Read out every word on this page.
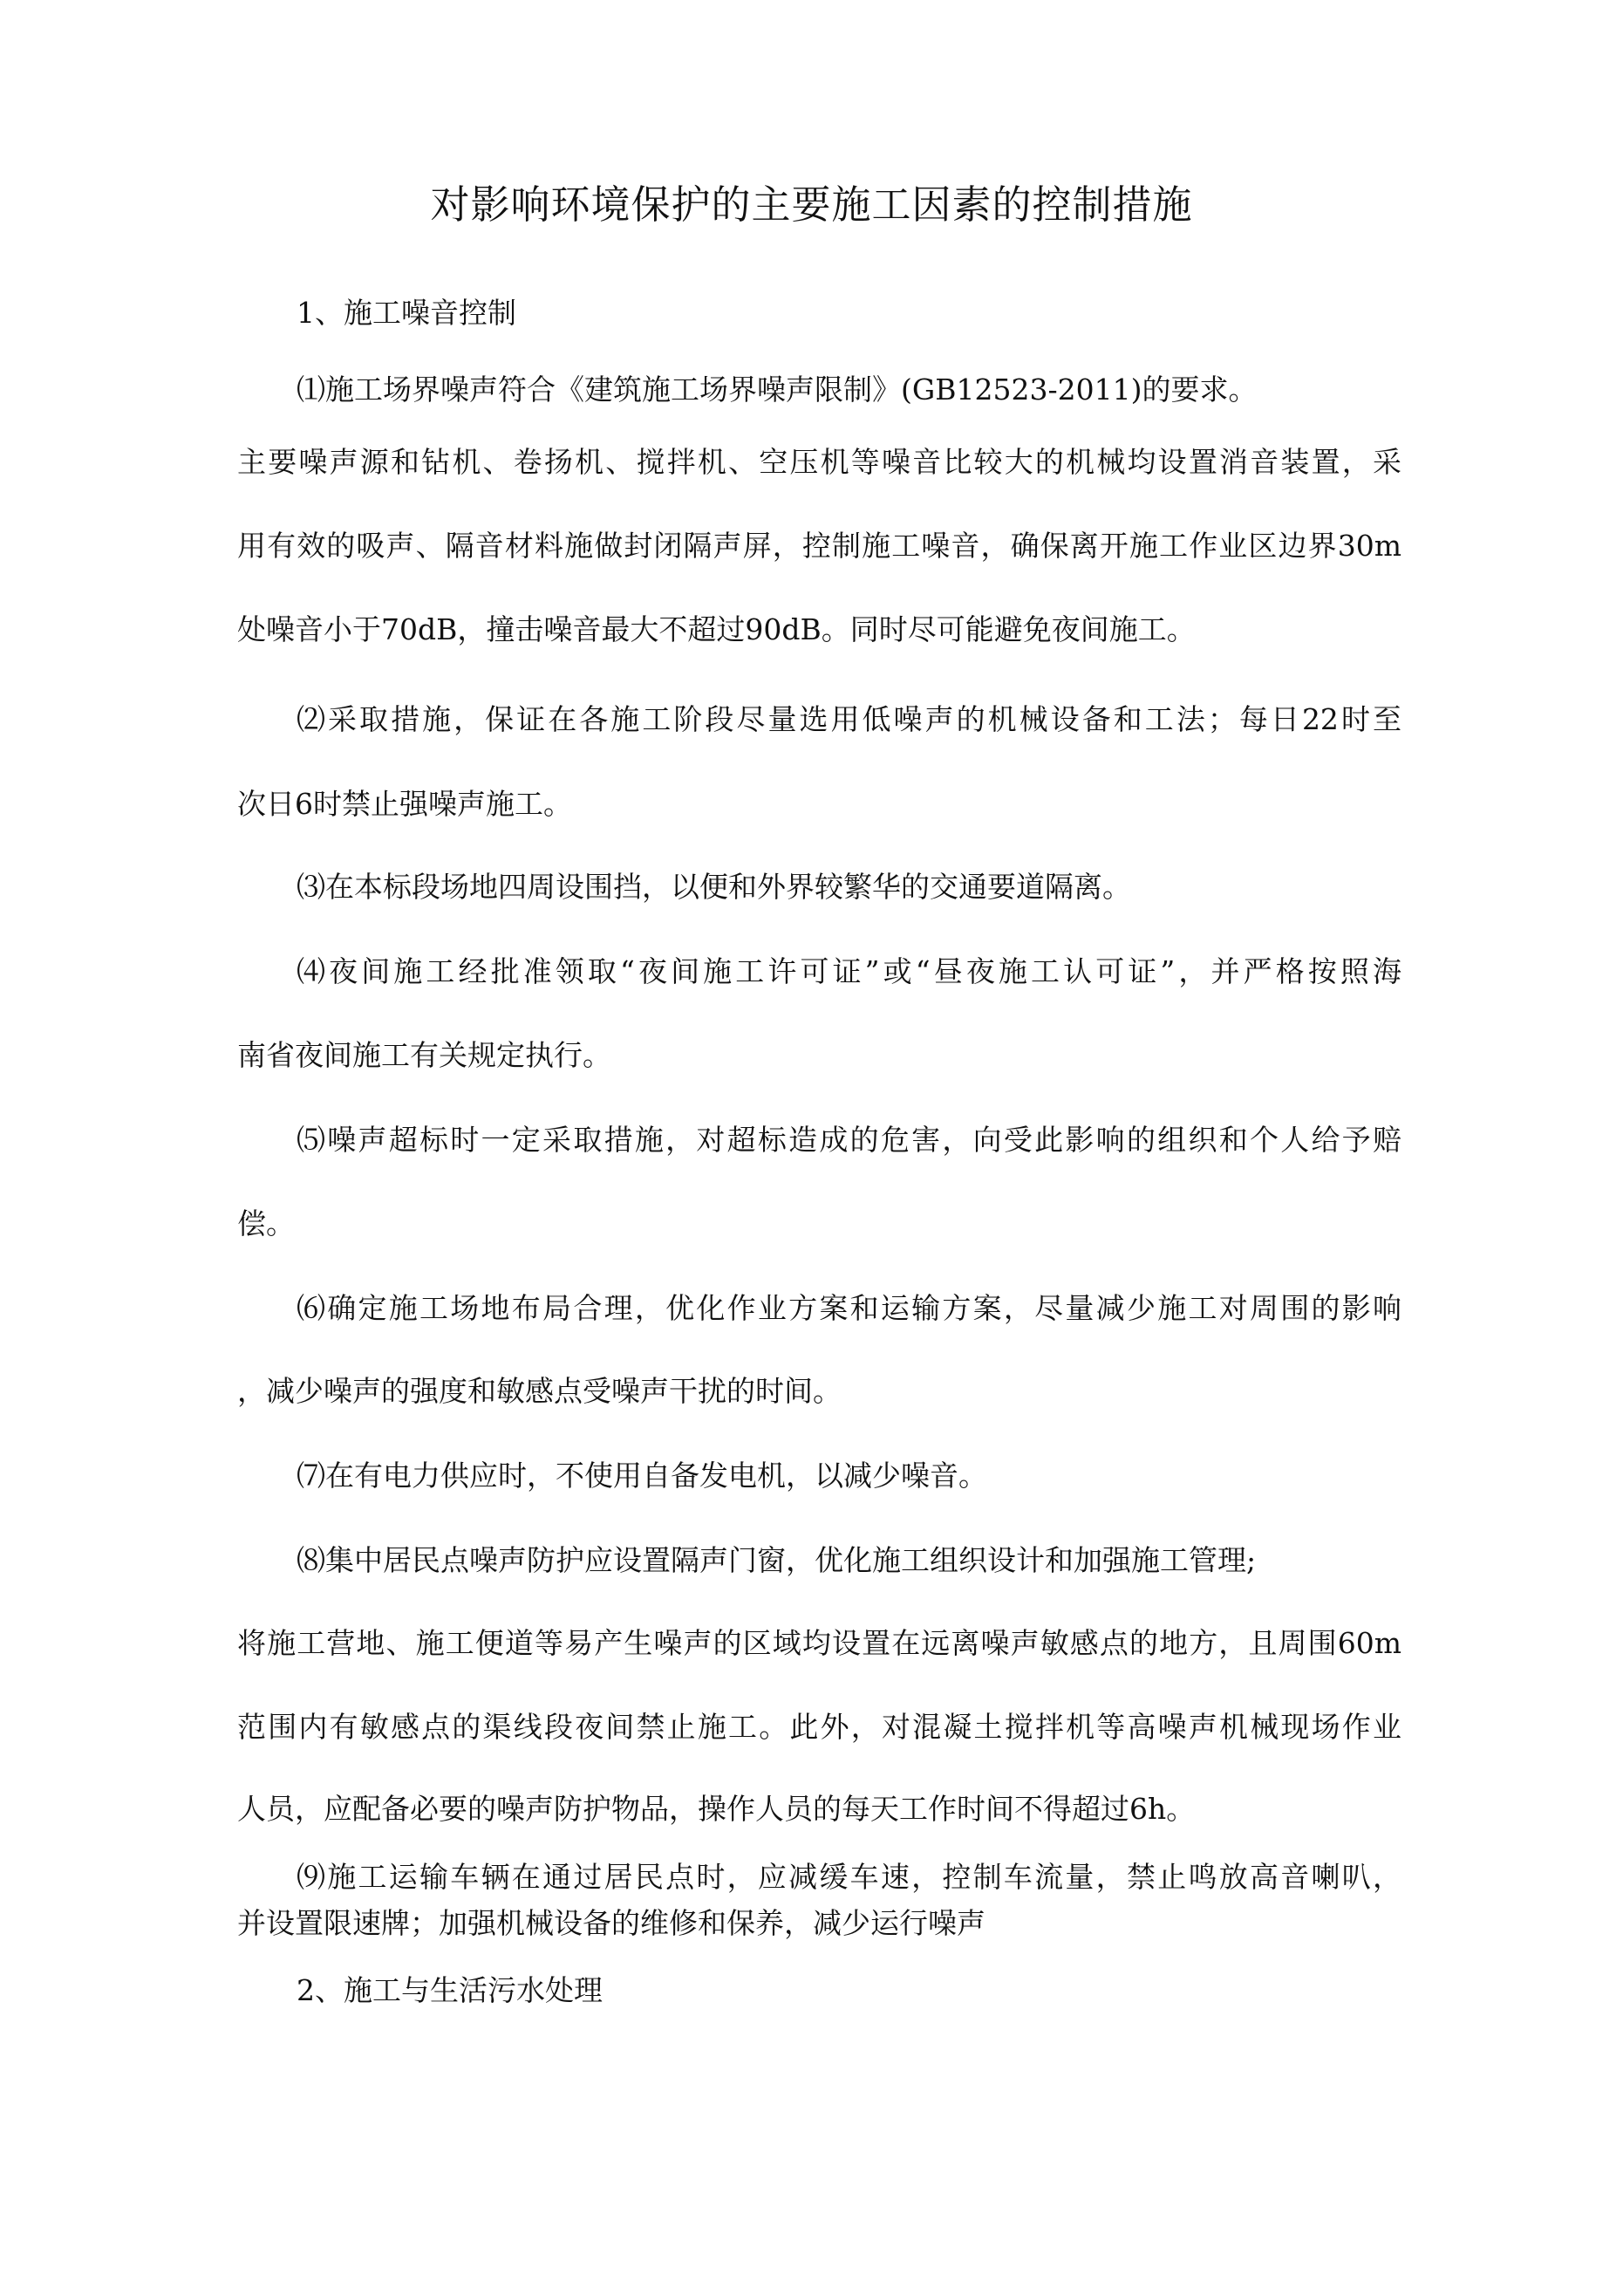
对影响环境保护的主要施工因素的控制措施

1、施工噪音控制

⑴施工场界噪声符合《建筑施工场界噪声限制》(GB12523-2011)的要求。

主要噪声源和钻机、卷扬机、搅拌机、空压机等噪音比较大的机械均设置消音装置，采

用有效的吸声、隔音材料施做封闭隔声屏，控制施工噪音，确保离开施工作业区边界30m

处噪音小于70dB，撞击噪音最大不超过90dB。同时尽可能避免夜间施工。

⑵采取措施，保证在各施工阶段尽量选用低噪声的机械设备和工法；每日22时至

次日6时禁止强噪声施工。

⑶在本标段场地四周设围挡，以便和外界较繁华的交通要道隔离。

⑷夜间施工经批准领取“夜间施工许可证”或“昼夜施工认可证”，并严格按照海

南省夜间施工有关规定执行。

⑸噪声超标时一定采取措施，对超标造成的危害，向受此影响的组织和个人给予赔

偿。

⑹确定施工场地布局合理，优化作业方案和运输方案，尽量减少施工对周围的影响

，减少噪声的强度和敏感点受噪声干扰的时间。

⑺在有电力供应时，不使用自备发电机，以减少噪音。

⑻集中居民点噪声防护应设置隔声门窗，优化施工组织设计和加强施工管理;

将施工营地、施工便道等易产生噪声的区域均设置在远离噪声敏感点的地方，且周围60m

范围内有敏感点的渠线段夜间禁止施工。此外，对混凝土搅拌机等高噪声机械现场作业

人员，应配备必要的噪声防护物品，操作人员的每天工作时间不得超过6h。

⑼施工运输车辆在通过居民点时，应减缓车速，控制车流量，禁止鸣放高音喇叭，

并设置限速牌；加强机械设备的维修和保养，减少运行噪声

2、施工与生活污水处理
